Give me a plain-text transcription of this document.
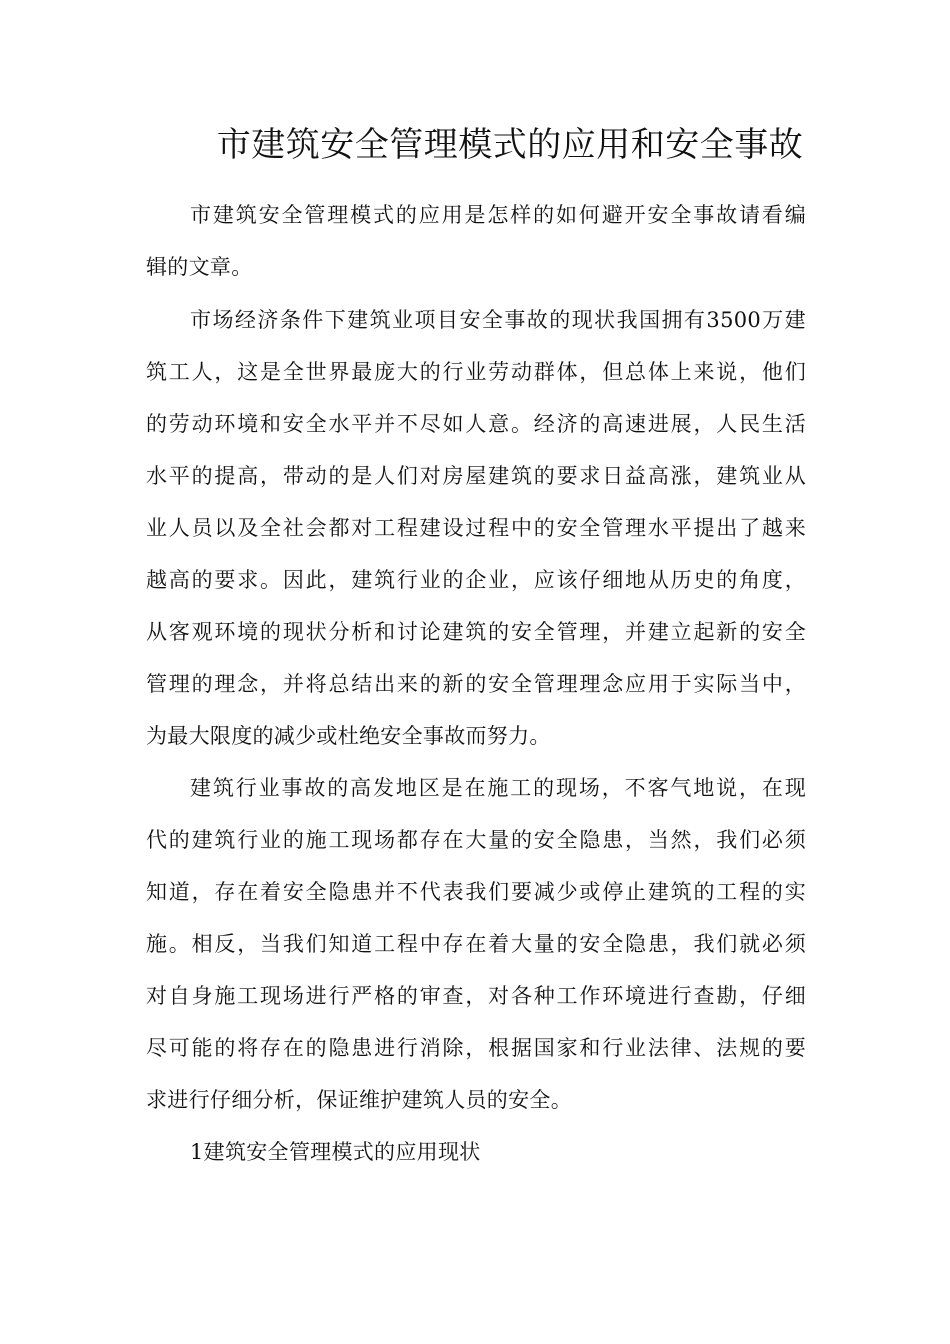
市建筑安全管理模式的应用和安全事故
市建筑安全管理模式的应用是怎样的如何避开安全事故请看编
辑的文章。
市场经济条件下建筑业项目安全事故的现状我国拥有3500万建
筑工人，这是全世界最庞大的行业劳动群体，但总体上来说，他们
的劳动环境和安全水平并不尽如人意。经济的高速进展，人民生活
水平的提高，带动的是人们对房屋建筑的要求日益高涨，建筑业从
业人员以及全社会都对工程建设过程中的安全管理水平提出了越来
越高的要求。因此，建筑行业的企业，应该仔细地从历史的角度，
从客观环境的现状分析和讨论建筑的安全管理，并建立起新的安全
管理的理念，并将总结出来的新的安全管理理念应用于实际当中，
为最大限度的减少或杜绝安全事故而努力。
建筑行业事故的高发地区是在施工的现场，不客气地说，在现
代的建筑行业的施工现场都存在大量的安全隐患，当然，我们必须
知道，存在着安全隐患并不代表我们要减少或停止建筑的工程的实
施。相反，当我们知道工程中存在着大量的安全隐患，我们就必须
对自身施工现场进行严格的审查，对各种工作环境进行查勘，仔细
尽可能的将存在的隐患进行消除，根据国家和行业法律、法规的要
求进行仔细分析，保证维护建筑人员的安全。
1建筑安全管理模式的应用现状
